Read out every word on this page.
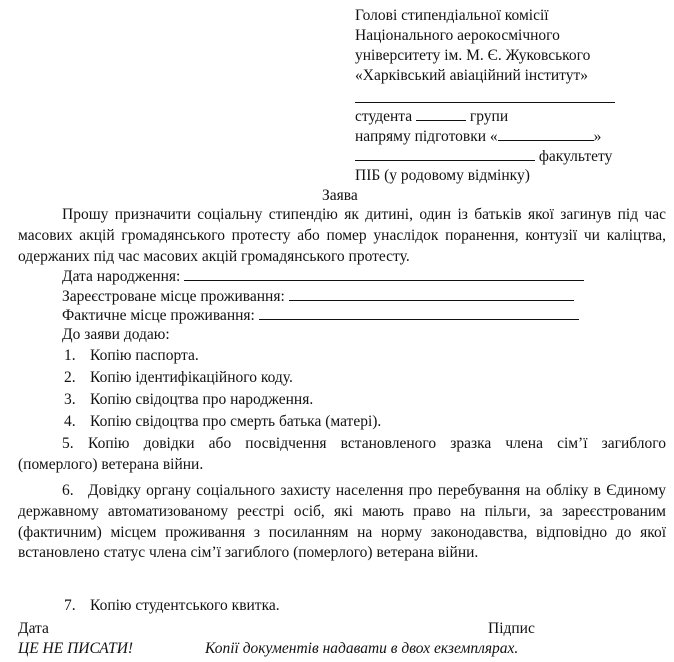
Голові стипендіальної комісії
Національного аерокосмічного
університету ім. М. Є. Жуковського
«Харківський авіаційний інститут»
студента	групи
напряму підготовки «	»
факультету
ПІБ (у родовому відмінку)
Заява
Прошу призначити соціальну стипендію як дитині, один із батьків якої загинув під час масових акцій громадянського протесту або помер унаслідок поранення, контузії чи каліцтва, одержаних під час масових акцій громадянського протесту.
Дата народження:
Зареєстроване місце проживання:
Фактичне місце проживання:
До заяви додаю:
1. Копію паспорта.
2. Копію ідентифікаційного коду.
3. Копію свідоцтва про народження.
4. Копію свідоцтва про смерть батька (матері).
5. Копію довідки або посвідчення встановленого зразка члена сім’ї загиблого (померлого) ветерана війни.
6. Довідку органу соціального захисту населення про перебування на обліку в Єдиному державному автоматизованому реєстрі осіб, які мають право на пільги, за зареєстрованим (фактичним) місцем проживання з посиланням на норму законодавства, відповідно до якої встановлено статус члена сім’ї загиблого (померлого) ветерана війни.
7. Копію студентського квитка.
Дата	Підпис
ЦЕ НЕ ПИСАТИ!	Копії документів надавати в двох екземплярах.
